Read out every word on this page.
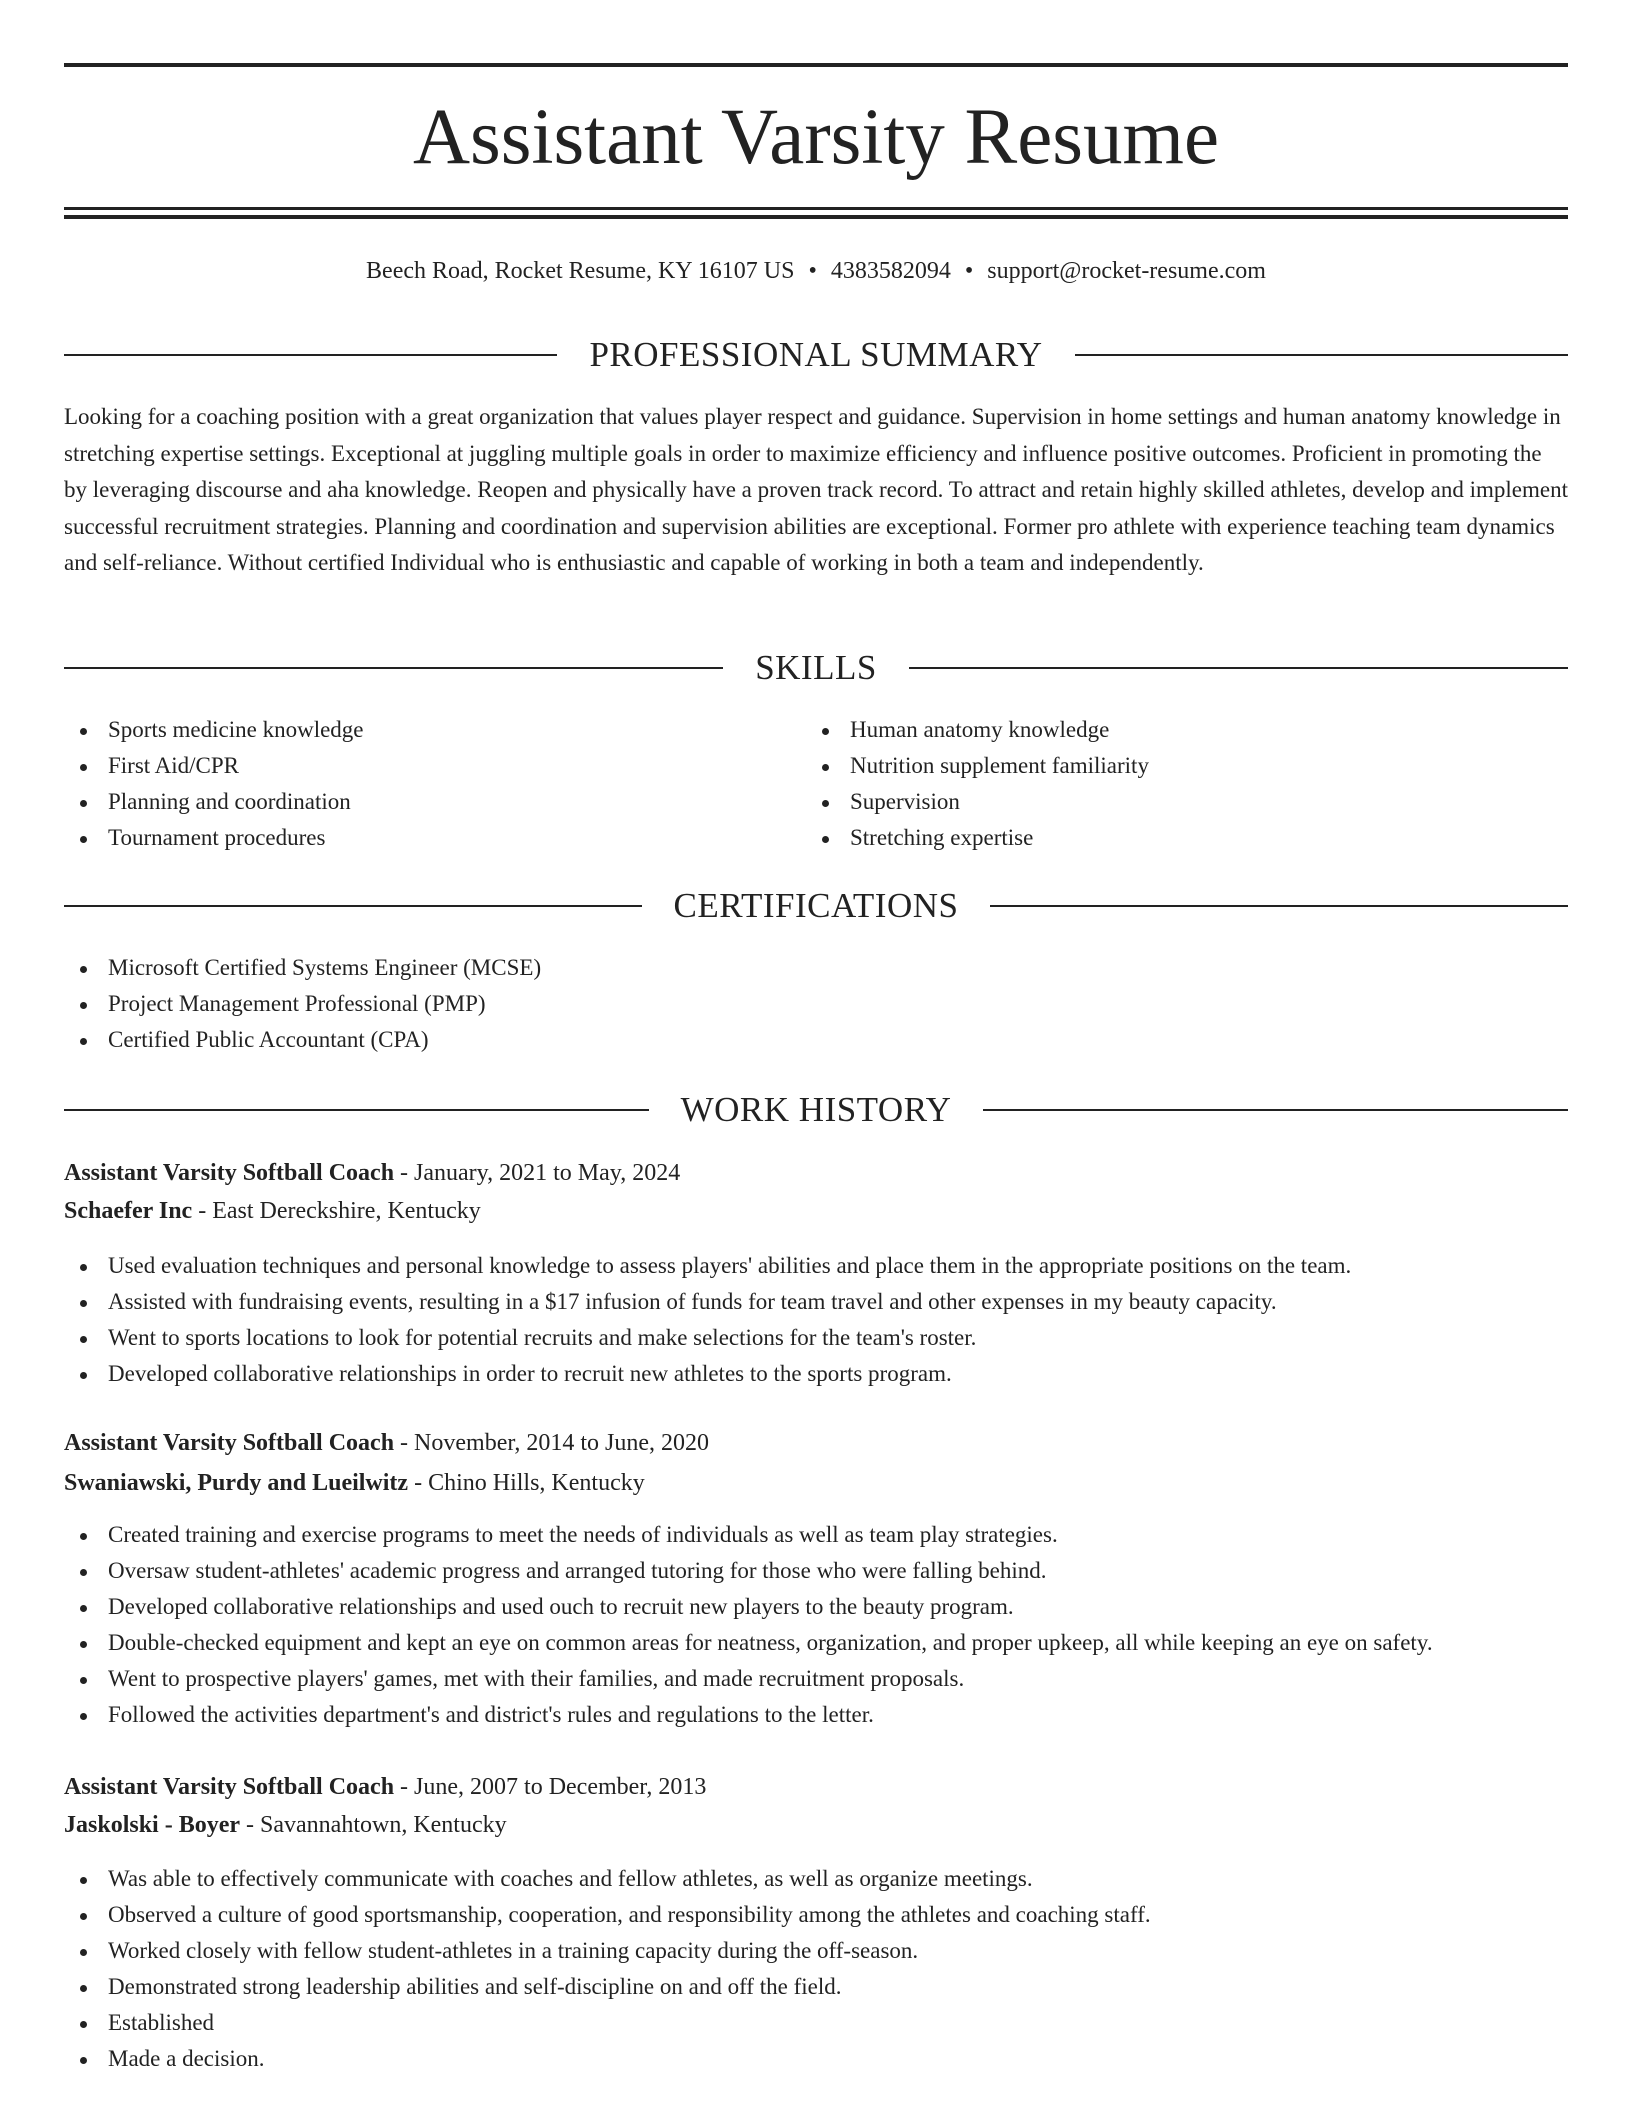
Assistant Varsity Resume
Beech Road, Rocket Resume, KY 16107 US • 4383582094 • support@rocket-resume.com
PROFESSIONAL SUMMARY

Looking for a coaching position with a great organization that values player respect and guidance. Supervision in home settings and human anatomy knowledge in stretching expertise settings. Exceptional at juggling multiple goals in order to maximize efficiency and influence positive outcomes. Proficient in promoting the by leveraging discourse and aha knowledge. Reopen and physically have a proven track record. To attract and retain highly skilled athletes, develop and implement successful recruitment strategies. Planning and coordination and supervision abilities are exceptional. Former pro athlete with experience teaching team dynamics and self-reliance. Without certified Individual who is enthusiastic and capable of working in both a team and independently.

SKILLS
Sports medicine knowledge
First Aid/CPR
Planning and coordination
Tournament procedures
Human anatomy knowledge
Nutrition supplement familiarity
Supervision
Stretching expertise
CERTIFICATIONS
Microsoft Certified Systems Engineer (MCSE)
Project Management Professional (PMP)
Certified Public Accountant (CPA)
WORK HISTORY
Assistant Varsity Softball Coach - January, 2021 to May, 2024
Schaefer Inc - East Dereckshire, Kentucky
Used evaluation techniques and personal knowledge to assess players' abilities and place them in the appropriate positions on the team.
Assisted with fundraising events, resulting in a $17 infusion of funds for team travel and other expenses in my beauty capacity.
Went to sports locations to look for potential recruits and make selections for the team's roster.
Developed collaborative relationships in order to recruit new athletes to the sports program.
Assistant Varsity Softball Coach - November, 2014 to June, 2020
Swaniawski, Purdy and Lueilwitz - Chino Hills, Kentucky
Created training and exercise programs to meet the needs of individuals as well as team play strategies.
Oversaw student-athletes' academic progress and arranged tutoring for those who were falling behind.
Developed collaborative relationships and used ouch to recruit new players to the beauty program.
Double-checked equipment and kept an eye on common areas for neatness, organization, and proper upkeep, all while keeping an eye on safety.
Went to prospective players' games, met with their families, and made recruitment proposals.
Followed the activities department's and district's rules and regulations to the letter.
Assistant Varsity Softball Coach - June, 2007 to December, 2013
Jaskolski - Boyer - Savannahtown, Kentucky
Was able to effectively communicate with coaches and fellow athletes, as well as organize meetings.
Observed a culture of good sportsmanship, cooperation, and responsibility among the athletes and coaching staff.
Worked closely with fellow student-athletes in a training capacity during the off-season.
Demonstrated strong leadership abilities and self-discipline on and off the field.
Established
Made a decision.
